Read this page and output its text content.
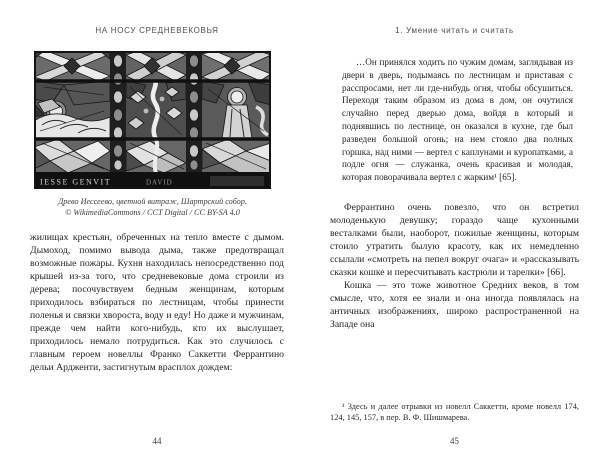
НА НОСУ СРЕДНЕВЕКОВЬЯ
IESSE GENVIT	DAVID
Древо Иессеево, цветной витраж, Шартрский собор.
© WikimediaCommons / CCT Digital / CC BY-SA 4.0

жилищах крестьян, обреченных на тепло вместе с дымом. Дымоход, помимо вывода дыма, также предотвращал возможные пожары. Кухня находилась непосредственно под крышей из-за того, что средневековые дома строили из дерева; посочувствуем бедным женщинам, которым приходилось взбираться по лестницам, чтобы принести поленья и связки хвороста, воду и еду! Но даже и мужчинам, прежде чем найти кого-нибудь, кто их выслушает, приходилось немало потрудиться. Как это случилось с главным героем новеллы Франко Саккетти Феррантино дельи Ардженти, застигнутым врасплох дождем:

44
1. Умение читать и считать

…Он принялся ходить по чужим домам, заглядывая из двери в дверь, подымаясь по лестницам и приставая с расспросами, нет ли где-нибудь огня, чтобы обсушиться. Переходя таким образом из дома в дом, он очутился случайно перед дверью дома, войдя в который и поднявшись по лестнице, он оказался в кухне, где был разведен большой огонь; на нем стояло два полных горшка, над ними — вертел с каплунами и куропатками, а подле огня — служанка, очень красивая и молодая, которая поворачивала вертел с жарким¹ [65].

Феррантино очень повезло, что он встретил молоденькую девушку; гораздо чаще кухонными весталками были, наоборот, пожилые женщины, которым стоило утратить былую красоту, как их немедленно ссылали «смотреть на пепел вокруг очага» и «рассказывать сказки кошке и пересчитывать кастрюли и тарелки» [66].

Кошка — это тоже животное Средних веков, в том смысле, что, хотя ее знали и она иногда появлялась на античных изображениях, широко распространенной на Западе она

¹ Здесь и далее отрывки из новелл Саккетти, кроме новелл 174, 124, 145, 157, в пер. В. Ф. Шишмарева.
45
